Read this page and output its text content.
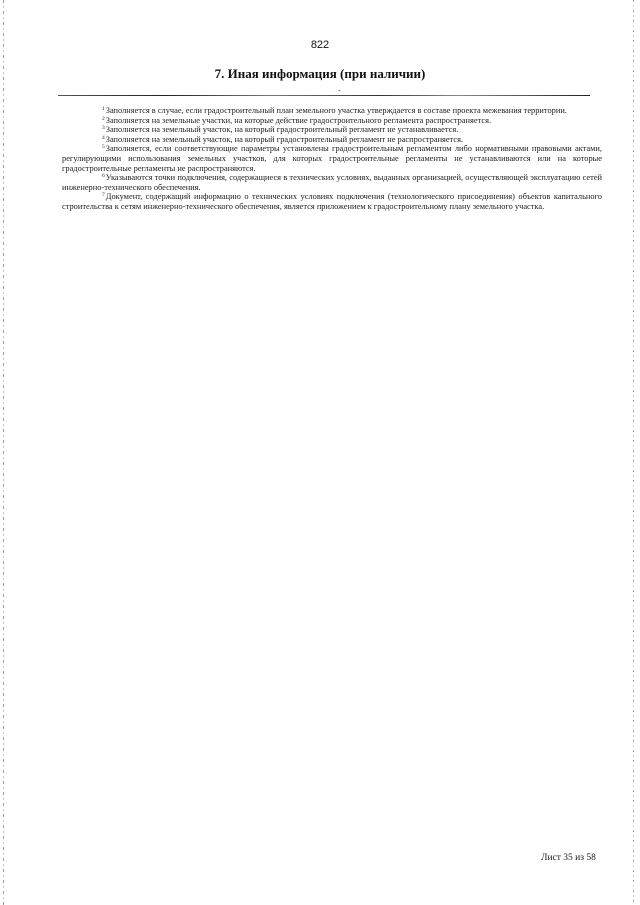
822
7. Иная информация (при наличии)
-

$^1$Заполняется в случае, если градостроительный план земельного участка утверждается в составе проекта межевания территории.

$^2$Заполняется на земельные участки, на которые действие градостроительного регламента распространяется.

$^3$Заполняется на земельный участок, на который градостроительный регламент не устанавливается.

$^4$Заполняется на земельный участок, на который градостроительный регламент не распространяется.

$^5$Заполняется, если соответствующие параметры установлены градостроительным регламентом либо нормативными правовыми актами, регулирующими использования земельных участков, для которых градостроительные регламенты не устанавливаются или на которые градостроительные регламенты не распространяются.

$^6$Указываются точки подключения, содержащиеся в технических условиях, выданных организацией, осуществляющей эксплуатацию сетей инженерно-технического обеспечения.

$^7$Документ, содержащий информацию о технических условиях подключения (технологического присоединения) объектов капитального строительства к сетям инженерно-технического обеспечения, является приложением к градостроительному плану земельного участка.

Лист 35 из 58
